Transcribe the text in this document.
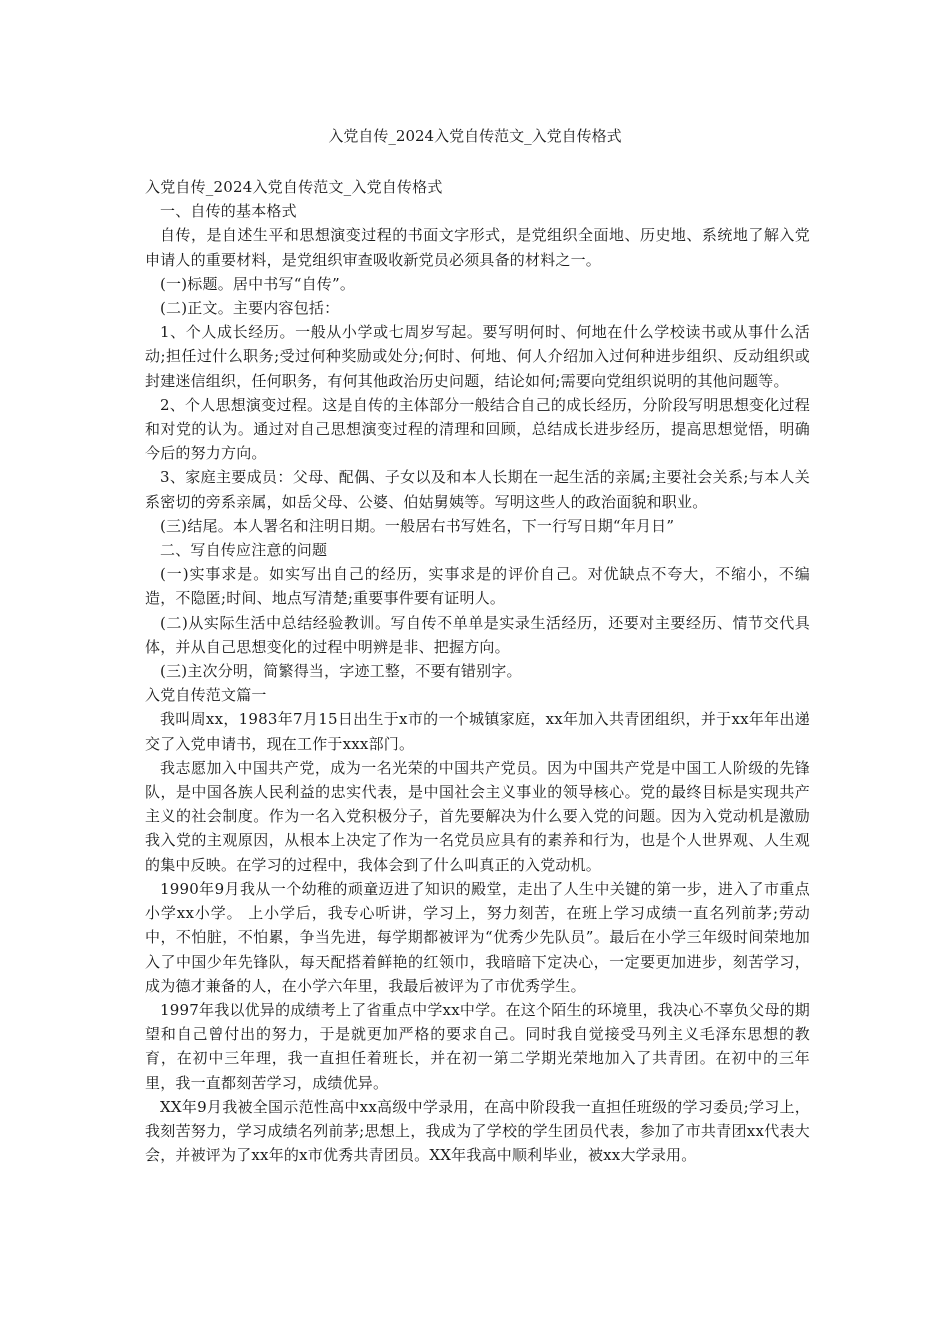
入党自传_2024入党自传范文_入党自传格式

入党自传_2024入党自传范文_入党自传格式

一、自传的基本格式

自传，是自述生平和思想演变过程的书面文字形式，是党组织全面地、历史地、系统地了解入党申请人的重要材料，是党组织审查吸收新党员必须具备的材料之一。

(一)标题。居中书写“自传”。

(二)正文。主要内容包括：

1、个人成长经历。一般从小学或七周岁写起。要写明何时、何地在什么学校读书或从事什么活动;担任过什么职务;受过何种奖励或处分;何时、何地、何人介绍加入过何种进步组织、反动组织或封建迷信组织，任何职务，有何其他政治历史问题，结论如何;需要向党组织说明的其他问题等。

2、个人思想演变过程。这是自传的主体部分一般结合自己的成长经历，分阶段写明思想变化过程和对党的认为。通过对自己思想演变过程的清理和回顾，总结成长进步经历，提高思想觉悟，明确今后的努力方向。

3、家庭主要成员：父母、配偶、子女以及和本人长期在一起生活的亲属;主要社会关系;与本人关系密切的旁系亲属，如岳父母、公婆、伯姑舅姨等。写明这些人的政治面貌和职业。

(三)结尾。本人署名和注明日期。一般居右书写姓名，下一行写日期“年月日”

二、写自传应注意的问题

(一)实事求是。如实写出自己的经历，实事求是的评价自己。对优缺点不夸大，不缩小，不编造，不隐匿;时间、地点写清楚;重要事件要有证明人。

(二)从实际生活中总结经验教训。写自传不单单是实录生活经历，还要对主要经历、情节交代具体，并从自己思想变化的过程中明辨是非、把握方向。

(三)主次分明，简繁得当，字迹工整，不要有错别字。

入党自传范文篇一

我叫周xx，1983年7月15日出生于x市的一个城镇家庭，xx年加入共青团组织，并于xx年年出递交了入党申请书，现在工作于xxx部门。

我志愿加入中国共产党，成为一名光荣的中国共产党员。因为中国共产党是中国工人阶级的先锋队，是中国各族人民利益的忠实代表，是中国社会主义事业的领导核心。党的最终目标是实现共产主义的社会制度。作为一名入党积极分子，首先要解决为什么要入党的问题。因为入党动机是激励我入党的主观原因，从根本上决定了作为一名党员应具有的素养和行为，也是个人世界观、人生观的集中反映。在学习的过程中，我体会到了什么叫真正的入党动机。

1990年9月我从一个幼稚的顽童迈进了知识的殿堂，走出了人生中关键的第一步，进入了市重点小学xx小学。 上小学后，我专心听讲，学习上，努力刻苦，在班上学习成绩一直名列前茅;劳动中，不怕脏，不怕累，争当先进，每学期都被评为“优秀少先队员”。最后在小学三年级时间荣地加入了中国少年先锋队，每天配搭着鲜艳的红领巾，我暗暗下定决心，一定要更加进步，刻苦学习，成为德才兼备的人，在小学六年里，我最后被评为了市优秀学生。

1997年我以优异的成绩考上了省重点中学xx中学。在这个陌生的环境里，我决心不辜负父母的期望和自己曾付出的努力，于是就更加严格的要求自己。同时我自觉接受马列主义毛泽东思想的教育，在初中三年理，我一直担任着班长，并在初一第二学期光荣地加入了共青团。在初中的三年里，我一直都刻苦学习，成绩优异。

XX年9月我被全国示范性高中xx高级中学录用，在高中阶段我一直担任班级的学习委员;学习上，我刻苦努力，学习成绩名列前茅;思想上，我成为了学校的学生团员代表，参加了市共青团xx代表大会，并被评为了xx年的x市优秀共青团员。XX年我高中顺利毕业，被xx大学录用。
